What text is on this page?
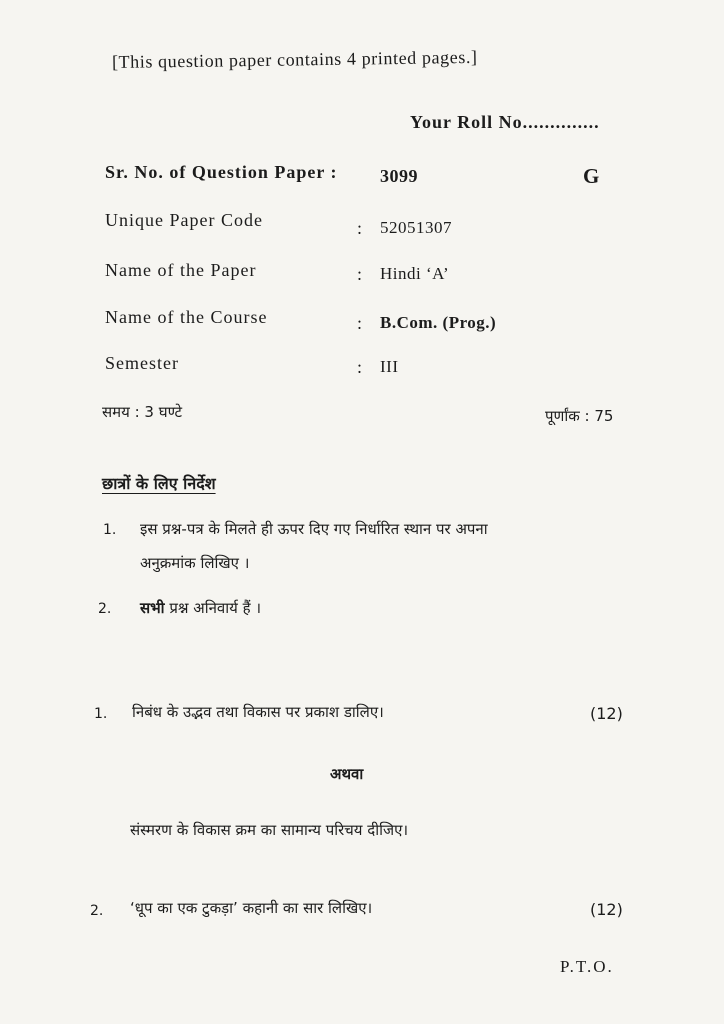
[This question paper contains 4 printed pages.]
Your Roll No..............
Sr. No. of Question Paper : 3099	G
Unique Paper Code	: 52051307
Name of the Paper	: Hindi ‘A’
Name of the Course	: B.Com. (Prog.)
Semester	: III
समय : 3 घण्टे	पूर्णांक : 75
छात्रों के लिए निर्देश
1. इस प्रश्न-पत्र के मिलते ही ऊपर दिए गए निर्धारित स्थान पर अपना
अनुक्रमांक लिखिए ।
2. सभी प्रश्न अनिवार्य हैं ।
1. निबंध के उद्भव तथा विकास पर प्रकाश डालिए।	(12)
अथवा
संस्मरण के विकास क्रम का सामान्य परिचय दीजिए।
2. ‘धूप का एक टुकड़ा’ कहानी का सार लिखिए।	(12)
P.T.O.
